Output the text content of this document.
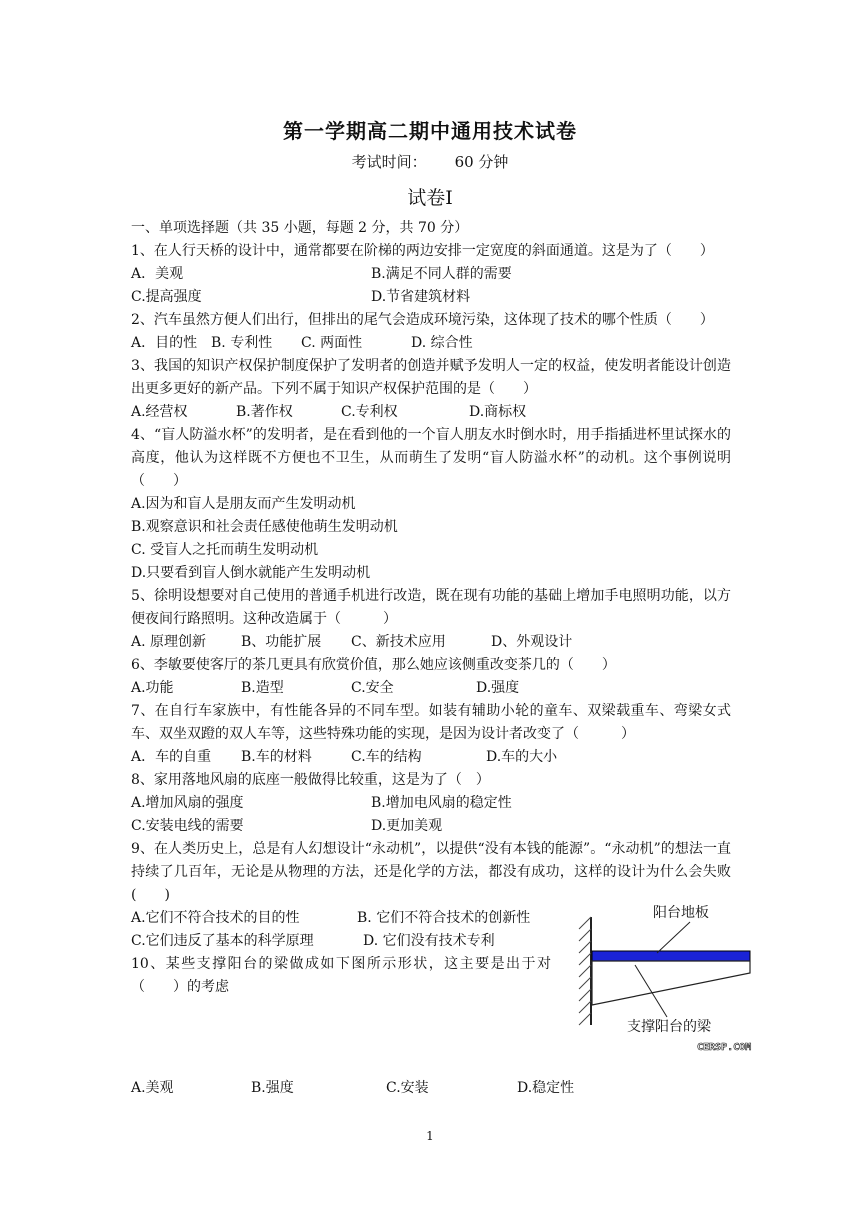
第一学期高二期中通用技术试卷
考试时间： 60 分钟
试卷Ⅰ
一、单项选择题（共 35 小题，每题 2 分，共 70 分）
1、在人行天桥的设计中，通常都要在阶梯的两边安排一定宽度的斜面通道。这是为了（　　）
A．美观	B.满足不同人群的需要
C.提高强度	D.节省建筑材料
2、汽车虽然方便人们出行，但排出的尾气会造成环境污染，这体现了技术的哪个性质（　　）
A．目的性 B. 专利性 C. 两面性	D. 综合性
3、我国的知识产权保护制度保护了发明者的创造并赋予发明人一定的权益，使发明者能设计创造出更多更好的新产品。下列不属于知识产权保护范围的是（　　）
A.经营权	B.著作权	C.专利权	D.商标权
4、“盲人防溢水杯”的发明者，是在看到他的一个盲人朋友水时倒水时，用手指插进杯里试探水的高度，他认为这样既不方便也不卫生，从而萌生了发明“盲人防溢水杯”的动机。这个事例说明（　　）
A.因为和盲人是朋友而产生发明动机
B.观察意识和社会责任感使他萌生发明动机
C. 受盲人之托而萌生发明动机
D.只要看到盲人倒水就能产生发明动机
5、徐明设想要对自己使用的普通手机进行改造，既在现有功能的基础上增加手电照明功能，以方便夜间行路照明。这种改造属于（　　　）
A. 原理创新 B、功能扩展 C、新技术应用	D、外观设计
6、李敏要使客厅的茶几更具有欣赏价值，那么她应该侧重改变茶几的（　　）
A.功能	B.造型	C.安全	D.强度
7、在自行车家族中，有性能各异的不同车型。如装有辅助小轮的童车、双梁载重车、弯梁女式车、双坐双蹬的双人车等，这些特殊功能的实现，是因为设计者改变了（　　　）
A．车的自重 B.车的材料	C.车的结构	D.车的大小
8、家用落地风扇的底座一般做得比较重，这是为了（　）
A.增加风扇的强度	B.增加电风扇的稳定性
C.安装电线的需要	D.更加美观
9、在人类历史上，总是有人幻想设计“永动机”，以提供“没有本钱的能源”。“永动机”的想法一直持续了几百年，无论是从物理的方法，还是化学的方法，都没有成功，这样的设计为什么会失败(　　)
A.它们不符合技术的目的性	B. 它们不符合技术的创新性
C.它们违反了基本的科学原理	D. 它们没有技术专利
10、某些支撑阳台的梁做成如下图所示形状，这主要是出于对（　　）的考虑
A.美观	B.强度	C.安装	D.稳定性
阳台地板
支撑阳台的梁
CERSP.COM
1
